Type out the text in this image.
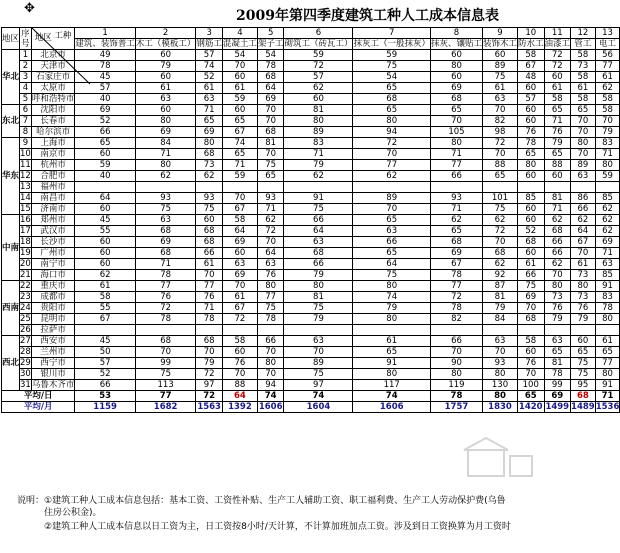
✥	2009年第四季度建筑工种人工成本信息表
地区	序号	工种
地区	1	2	3	4	5	6	7	8	9	10	11	12	13
			建筑、装饰普工	木工（模板工）	钢筋工	混凝土工	架子工	砌筑工（砖瓦工）	抹灰工（一般抹灰）	抹灰、镶贴工	装饰木工	防水工	油漆工	管工	电工
华北	1	北京市	49	60	57	54	54	59	59	60	60	58	72	58	56
	2	天津市	78	79	74	70	78	72	75	80	89	67	72	73	77
	3	石家庄市	45	60	52	60	68	57	54	60	75	48	60	58	61
	4	太原市	57	61	61	61	64	62	65	69	61	60	61	61	62
	5	呼和浩特市	40	63	63	59	69	60	68	68	63	57	58	58	58
东北	6	沈阳市	69	60	71	60	70	81	65	65	70	60	65	65	58
	7	长春市	52	80	65	65	70	80	80	70	82	60	71	70	70
	8	哈尔滨市	66	69	69	67	68	89	94	105	98	76	76	70	79
华东	9	上海市	65	84	80	74	81	83	72	80	72	78	79	80	83
	10	南京市	60	71	68	65	70	71	70	71	70	65	65	70	71
	11	杭州市	59	80	73	71	75	79	77	77	88	80	88	89	80
	12	合肥市	40	62	62	59	65	62	62	66	65	60	60	63	59
	13	福州市													
	14	南昌市	64	93	93	70	93	91	89	93	101	85	81	86	85
	15	济南市	60	75	75	67	71	75	70	71	75	60	71	66	62
中南	16	郑州市	45	63	60	58	62	66	65	62	62	60	62	62	62
	17	武汉市	55	68	68	64	72	64	63	65	72	52	68	64	62
	18	长沙市	60	69	68	69	70	63	66	68	70	68	66	67	69
	19	广州市	60	68	66	60	64	68	65	69	68	60	66	70	71
	20	南宁市	60	71	61	63	63	66	64	67	62	61	62	61	63
	21	海口市	62	78	70	69	76	79	75	78	92	66	70	73	85
西南	22	重庆市	61	77	77	70	80	80	80	77	87	75	80	80	91
	23	成都市	58	76	76	61	77	81	74	72	81	69	73	73	83
	24	贵阳市	55	72	71	67	75	75	79	78	79	70	76	76	78
	25	昆明市	67	78	78	72	78	79	80	82	84	68	79	79	80
	26	拉萨市													
西北	27	西安市	45	68	68	58	66	63	61	66	63	58	63	60	61
	28	兰州市	50	70	70	60	70	70	65	70	70	60	65	65	65
	29	西宁市	57	99	79	76	80	89	91	90	93	76	81	75	77
	30	银川市	52	75	72	70	70	75	80	80	80	70	78	75	80
	31	乌鲁木齐市	66	113	97	88	94	97	117	119	130	100	99	95	91
平均/日			53	77	72	64	74	74	74	78	80	65	69	68	71
平均/月			1159	1682	1563	1392	1606	1604	1606	1757	1830	1420	1499	1489	1536
说明：①建筑工种人工成本信息包括：基本工资、工资性补贴、生产工人辅助工资、职工福利费、生产工人劳动保护费(乌鲁
住房公积金)。
②建筑工种人工成本信息以日工资为主，日工资按8小时/天计算，不计算加班加点工资。涉及到日工资换算为月工资时
